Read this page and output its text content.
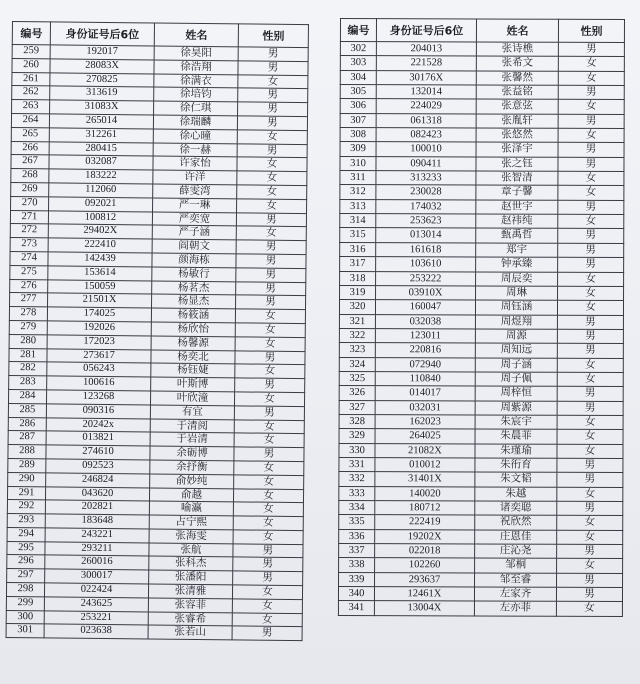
编号	身份证号后6位	姓名	性别
259	192017	徐昊阳	男
260	28083X	徐浩翔	男
261	270825	徐满衣	女
262	313619	徐培钧	男
263	31083X	徐仁琪	男
264	265014	徐瑞麟	男
265	312261	徐心曈	女
266	280415	徐一赫	男
267	032087	许家怡	女
268	183222	许洋	女
269	112060	薛雯湾	女
270	092021	严一琳	女
271	100812	严奕宽	男
272	29402X	严子涵	女
273	222410	阎朝文	男
274	142439	颜海栋	男
275	153614	杨敏行	男
276	150059	杨茗杰	男
277	21501X	杨显杰	男
278	174025	杨筱涵	女
279	192026	杨欣怡	女
280	172023	杨馨源	女
281	273617	杨奕北	男
282	056243	杨钰婕	女
283	100616	叶斯博	男
284	123268	叶欣潼	女
285	090316	有宜	男
286	20242x	于清阅	女
287	013821	于岩清	女
288	274610	余砺博	男
289	092523	余抒衡	女
290	246824	俞妙纯	女
291	043620	俞越	女
292	202821	喻瀛	女
293	183648	占宁熙	女
294	243221	张海雯	女
295	293211	张航	男
296	260016	张科杰	男
297	300017	张潘阳	男
298	022424	张清雅	女
299	243625	张容菲	女
300	253221	张睿希	女
301	023638	张若山	男
编号	身份证号后6位	姓名	性别
302	204013	张诗樵	男
303	221528	张希文	女
304	30176X	张馨然	女
305	132014	张益铭	男
306	224029	张意弦	女
307	061318	张胤轩	男
308	082423	张悠然	女
309	100010	张泽宇	男
310	090411	张之钰	男
311	313233	张智清	女
312	230028	章子馨	女
313	174032	赵世宇	男
314	253623	赵祎纯	女
315	013014	甄禹哲	男
316	161618	郑宇	男
317	103610	钟承臻	男
318	253222	周辰奕	女
319	03910X	周琳	女
320	160047	周钰涵	女
321	032038	周煜翔	男
322	123011	周源	男
323	220816	周知远	男
324	072940	周子涵	女
325	110840	周子佩	女
326	014017	周梓恒	男
327	032031	周紫源	男
328	162023	朱宸宇	女
329	264025	朱晨菲	女
330	21082X	朱瑾瑜	女
331	010012	朱衎育	男
332	31401X	朱文韬	男
333	140020	朱越	女
334	180712	诸奕聪	男
335	222419	祝欣然	女
336	19202X	庄恩佳	女
337	022018	庄沁尧	男
338	102260	邹桐	女
339	293637	邹至睿	男
340	12461X	左家齐	男
341	13004X	左亦菲	女
